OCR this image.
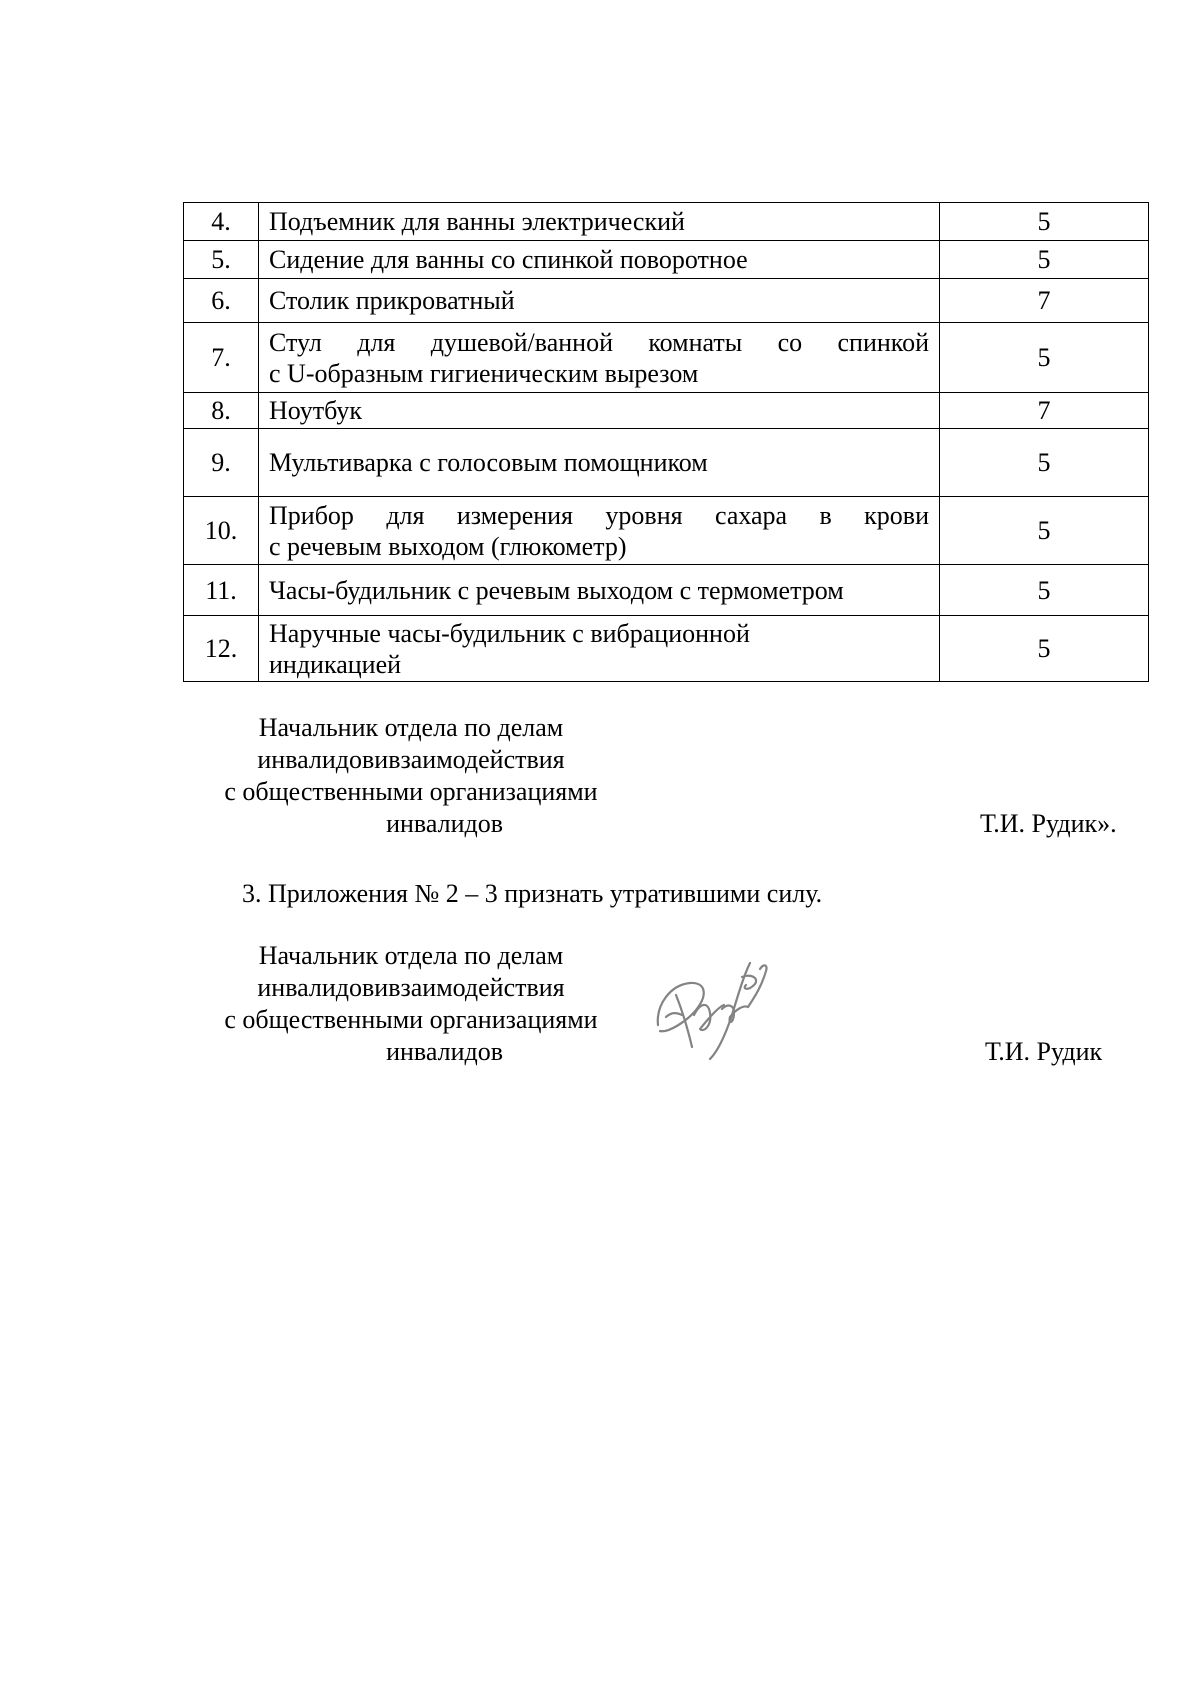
4.	Подъемник для ванны электрический	5
5.	Сидение для ванны со спинкой поворотное	5
6.	Столик прикроватный	7
7.	Стул для душевой/ванной комнаты со спинкой
с U-образным гигиеническим вырезом	5
8.	Ноутбук	7
9.	Мультиварка с голосовым помощником	5
10.	Прибор для измерения уровня сахара в крови
с речевым выходом (глюкометр)	5
11.	Часы-будильник с речевым выходом с термометром	5
12.	Наручные часы-будильник с вибрационной
индикацией	5
Начальник отдела по делам
инвалидовивзаимодействия
с общественными организациями
инвалидов	Т.И. Рудик».
3. Приложения № 2 – 3 признать утратившими силу.
Начальник отдела по делам
инвалидовивзаимодействия
с общественными организациями
инвалидов	Т.И. Рудик
